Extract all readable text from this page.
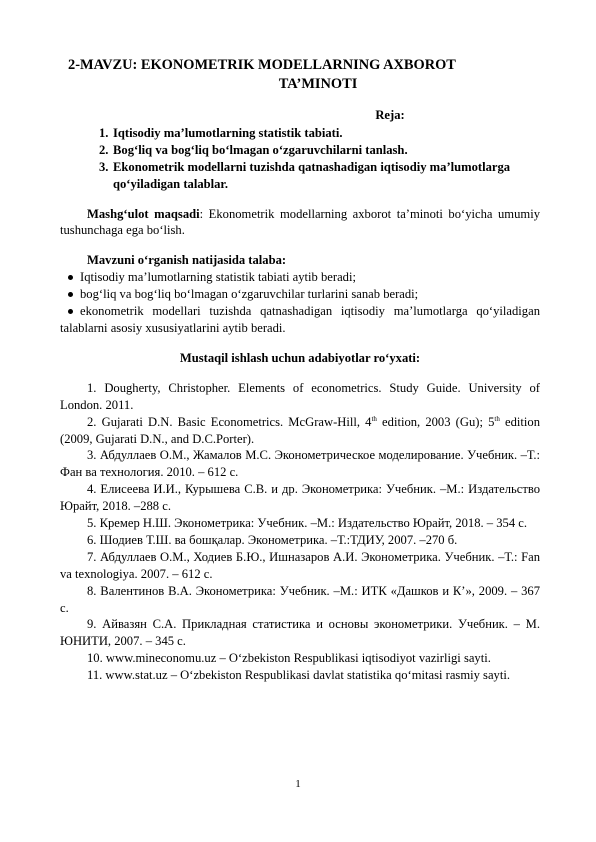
2-MAVZU: EKONOMETRIK MODELLARNING AXBOROT
TA’MINOTI
Reja:
1. Iqtisodiy ma’lumotlarning statistik tabiati.
2. Bog‘liq va bog‘liq bo‘lmagan o‘zgaruvchilarni tanlash.
3. Ekonometrik modellarni tuzishda qatnashadigan iqtisodiy ma’lumotlarga qo‘yiladigan talablar.

Mashg‘ulot maqsadi: Ekonometrik modellarning axborot ta’minoti bo‘yicha umumiy tushunchaga ega bo‘lish.

Mavzuni o‘rganish natijasida talaba:

Iqtisodiy ma’lumotlarning statistik tabiati aytib beradi;
bog‘liq va bog‘liq bo‘lmagan o‘zgaruvchilar turlarini sanab beradi;
ekonometrik modellari tuzishda qatnashadigan iqtisodiy ma’lumotlarga qo‘yiladigan talablarni asosiy xususiyatlarini aytib beradi.
Mustaqil ishlash uchun adabiyotlar ro‘yxati:
1. Dougherty, Christopher. Elements of econometrics. Study Guide. University of London. 2011.
2. Gujarati D.N. Basic Econometrics. McGraw-Hill, 4th edition, 2003 (Gu); 5th edition (2009, Gujarati D.N., and D.C.Porter).
3. Абдуллаев О.М., Жамалов М.С. Эконометрическое моделирование. Учебник. –Т.: Фан ва технология. 2010. – 612 с.
4. Елисеева И.И., Курышева С.В. и др. Эконометрика: Учебник. –М.: Издательство Юрайт, 2018. –288 с.
5. Кремер Н.Ш. Эконометрика: Учебник. –М.: Издательство Юрайт, 2018. – 354 с.
6. Шодиев Т.Ш. ва бошқалар. Эконометрика. –Т.:ТДИУ, 2007. –270 б.
7. Абдуллаев О.М., Ходиев Б.Ю., Ишназаров А.И. Эконометрика. Учебник. –Т.: Fan va texnologiya. 2007. – 612 с.
8. Валентинов В.А. Эконометрика: Учебник. –М.: ИТК «Дашков и К’», 2009. – 367 с.
9. Айвазян С.А. Прикладная статистика и основы эконометрики. Учебник. – М. ЮНИТИ, 2007. – 345 с.
10. www.mineconomu.uz – O‘zbekiston Respublikasi iqtisodiyot vazirligi sayti.
11. www.stat.uz – O‘zbekiston Respublikasi davlat statistika qo‘mitasi rasmiy sayti.
1
